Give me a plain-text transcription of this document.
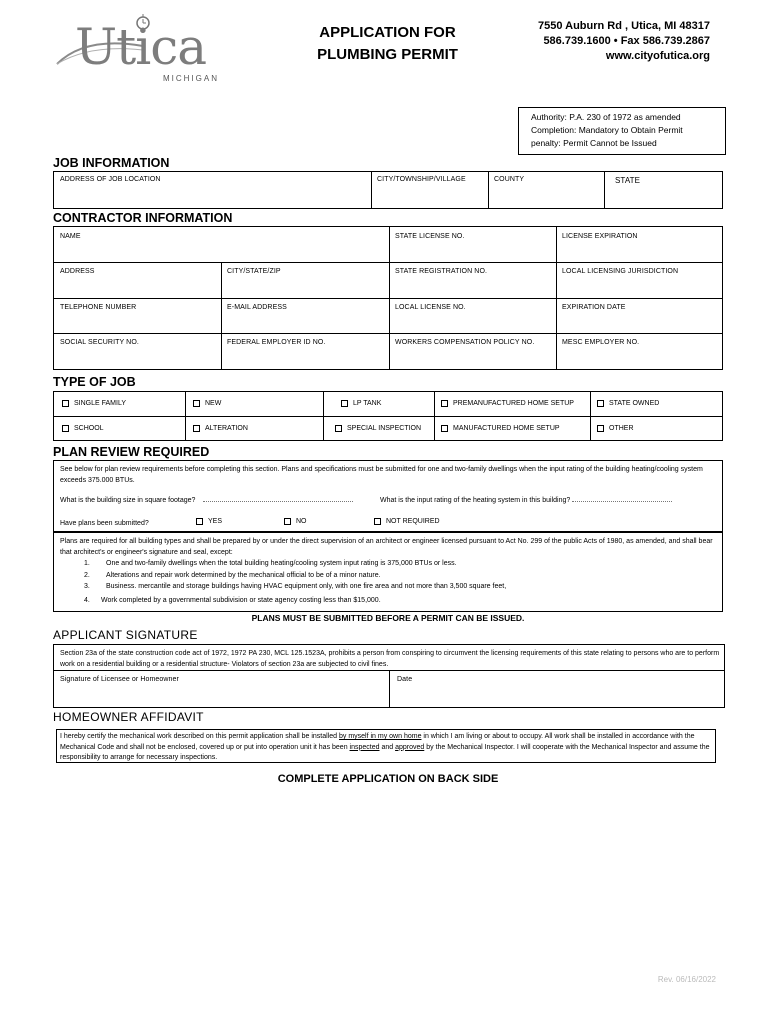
Utica
MICHIGAN
APPLICATION FOR
PLUMBING PERMIT
7550 Auburn Rd , Utica, MI 48317
586.739.1600 • Fax 586.739.2867
www.cityofutica.org
Authority: P.A. 230 of 1972 as amended
Completion: Mandatory to Obtain Permit
penalty: Permit Cannot be Issued
JOB INFORMATION
ADDRESS OF JOB LOCATION	CITY/TOWNSHIP/VILLAGE	COUNTY	STATE
CONTRACTOR INFORMATION
NAME	STATE LICENSE NO.	LICENSE EXPIRATION
ADDRESS	CITY/STATE/ZIP	STATE REGISTRATION NO.	LOCAL LICENSING JURISDICTION
TELEPHONE NUMBER	E-MAIL ADDRESS	LOCAL LICENSE NO.	EXPIRATION DATE
SOCIAL SECURITY NO.	FEDERAL EMPLOYER ID NO.	WORKERS COMPENSATION POLICY NO.	MESC EMPLOYER NO.
TYPE OF JOB
SINGLE FAMILY	NEW	LP TANK	PREMANUFACTURED HOME SETUP	STATE OWNED
SCHOOL	ALTERATION	SPECIAL INSPECTION	MANUFACTURED HOME SETUP	OTHER
PLAN REVIEW REQUIRED
See below for plan review requirements before completing this section. Plans and specifications must be submitted for one and two-family dwellings when the input rating of the building heating/cooling system exceeds 375.000 BTUs.
What is the building size in square footage?	What is the input rating of the heating system in this building?
Have plans been submitted?	YES	NO	NOT REQUIRED
Plans are required for all building types and shall be prepared by or under the direct supervision of an architect or engineer licensed pursuant to Act No. 299 of the public Acts of 1980, as amended, and shall bear that architect's or engineer's signature and seal, except:
1. One and two-family dwellings when the total building heating/cooling system input rating is 375,000 BTUs or less.
2. Alterations and repair work determined by the mechanical official to be of a minor nature.
3. Business. mercantile and storage buildings having HVAC equipment only, with one fire area and not more than 3,500 square feet,
4. Work completed by a governmental subdivision or state agency costing less than $15,000.
PLANS MUST BE SUBMITTED BEFORE A PERMIT CAN BE ISSUED.
APPLICANT SIGNATURE
Section 23a of the state construction code act of 1972, 1972 PA 230, MCL 125.1523A, prohibits a person from conspiring to circumvent the licensing requirements of this state relating to persons who are to perform work on a residential building or a residential structure- Violators of section 23a are subjected to civil fines.
Signature of Licensee or Homeowner	Date
HOMEOWNER AFFIDAVIT
I hereby certify the mechanical work described on this permit application shall be installed by myself in my own home in which I am living or about to occupy. All work shall be installed in accordance with the Mechanical Code and shall not be enclosed, covered up or put into operation unit it has been inspected and approved by the Mechanical Inspector. I will cooperate with the Mechanical Inspector and assume the responsibility to arrange for necessary inspections.
COMPLETE APPLICATION ON BACK SIDE
Rev. 06/16/2022
